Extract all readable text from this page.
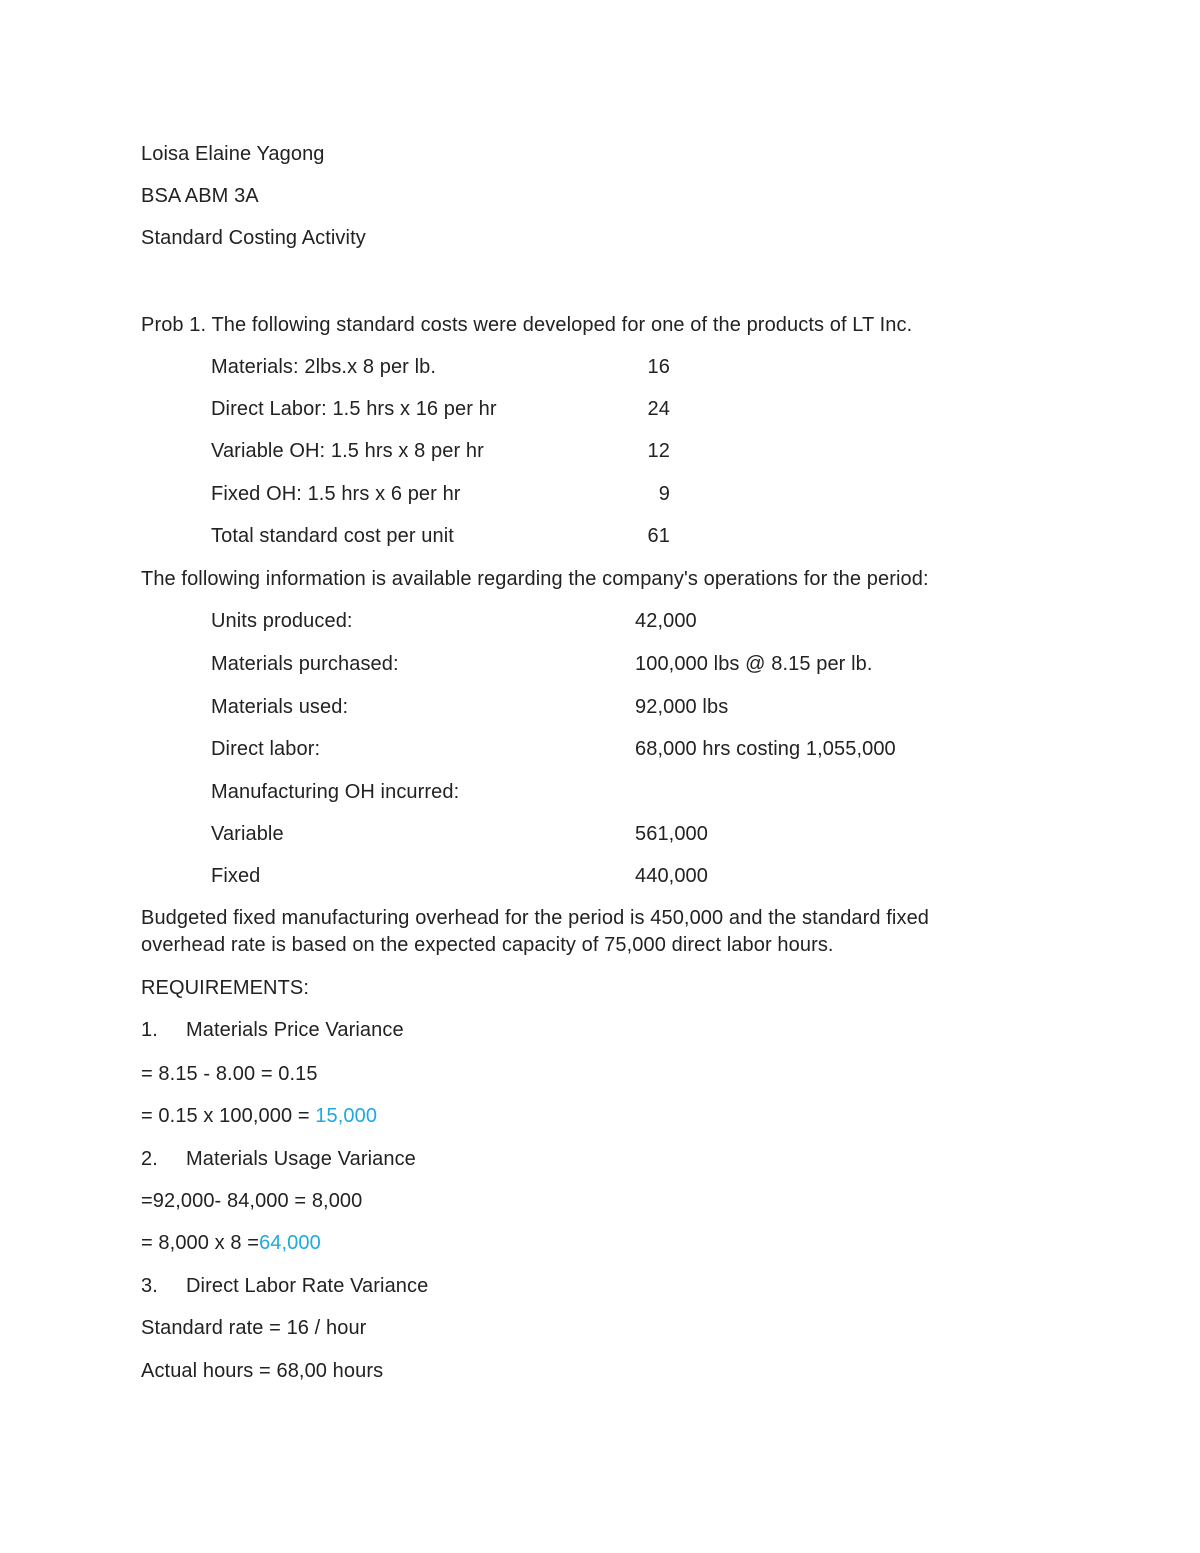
Loisa Elaine Yagong
BSA ABM 3A
Standard Costing Activity
Prob 1. The following standard costs were developed for one of the products of LT Inc.
Materials: 2lbs.x 8 per lb.	16
Direct Labor: 1.5 hrs x 16 per hr	24
Variable OH: 1.5 hrs x 8 per hr	12
Fixed OH: 1.5 hrs x 6 per hr	9
Total standard cost per unit	61
The following information is available regarding the company's operations for the period:
Units produced:	42,000
Materials purchased:	100,000 lbs @ 8.15 per lb.
Materials used:	92,000 lbs
Direct labor:	68,000 hrs costing 1,055,000
Manufacturing OH incurred:
Variable	561,000
Fixed	440,000
Budgeted fixed manufacturing overhead for the period is 450,000 and the standard fixed overhead rate is based on the expected capacity of 75,000 direct labor hours.
REQUIREMENTS:
1. Materials Price Variance
= 8.15 - 8.00 = 0.15
= 0.15 x 100,000 = 15,000
2. Materials Usage Variance
=92,000- 84,000 = 8,000
= 8,000 x 8 =64,000
3. Direct Labor Rate Variance
Standard rate = 16 / hour
Actual hours = 68,00 hours
